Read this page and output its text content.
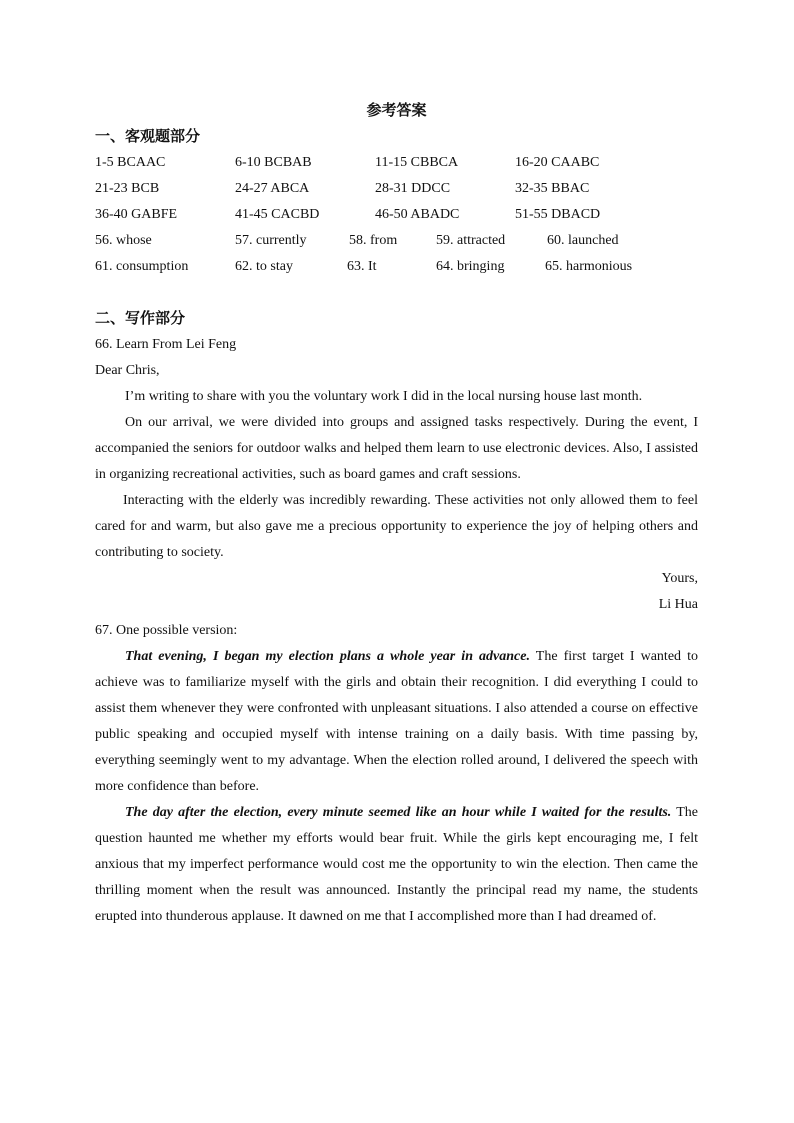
参考答案
一、客观题部分
1-5 BCAAC	6-10 BCBAB	11-15 CBBCA	16-20 CAABC
21-23 BCB	24-27 ABCA	28-31 DDCC	32-35 BBAC
36-40 GABFE	41-45 CACBD	46-50 ABADC	51-55 DBACD
56. whose	57. currently	58. from	59. attracted	60. launched
61. consumption	62. to stay	63. It	64. bringing	65. harmonious
二、写作部分
66. Learn From Lei Feng
Dear Chris,

I’m writing to share with you the voluntary work I did in the local nursing house last month.

On our arrival, we were divided into groups and assigned tasks respectively. During the event, I accompanied the seniors for outdoor walks and helped them learn to use electronic devices. Also, I assisted in organizing recreational activities, such as board games and craft sessions.

Interacting with the elderly was incredibly rewarding. These activities not only allowed them to feel cared for and warm, but also gave me a precious opportunity to experience the joy of helping others and contributing to society.

Yours,
Li Hua
67. One possible version:

That evening, I began my election plans a whole year in advance. The first target I wanted to achieve was to familiarize myself with the girls and obtain their recognition. I did everything I could to assist them whenever they were confronted with unpleasant situations. I also attended a course on effective public speaking and occupied myself with intense training on a daily basis. With time passing by, everything seemingly went to my advantage. When the election rolled around, I delivered the speech with more confidence than before.

The day after the election, every minute seemed like an hour while I waited for the results. The question haunted me whether my efforts would bear fruit. While the girls kept encouraging me, I felt anxious that my imperfect performance would cost me the opportunity to win the election. Then came the thrilling moment when the result was announced. Instantly the principal read my name, the students erupted into thunderous applause. It dawned on me that I accomplished more than I had dreamed of.
